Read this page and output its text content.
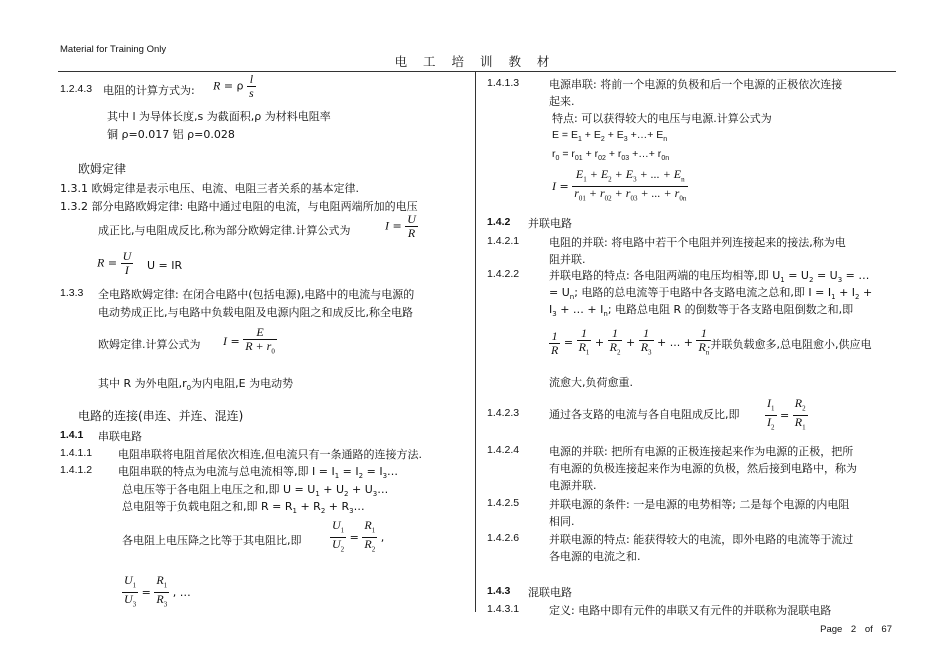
Material for Training Only
电 工 培 训 教 材
1.2.4.3 电阻的计算方式为: R = ρ $\frac{l}{s}$
其中 l 为导体长度,s 为截面积,ρ 为材料电阻率
铜 ρ=0.017 铝 ρ=0.028
欧姆定律
1.3.1 欧姆定律是表示电压、电流、电阻三者关系的基本定律.
1.3.2 部分电路欧姆定律: 电路中通过电阻的电流，与电阻两端所加的电压
成正比,与电阻成反比,称为部分欧姆定律.计算公式为	$I = \frac{U}{R}$
$R = \frac{U}{I}$ U = IR
1.3.3 全电路欧姆定律: 在闭合电路中(包括电源),电路中的电流与电源的
电动势成正比,与电路中负载电阻及电源内阻之和成反比,称全电路
欧姆定律.计算公式为 $I = \frac{E}{R + r_0}$
其中 R 为外电阻$,r_0$为内电阻,E 为电动势
电路的连接(串连、并连、混连)
1.4.1 串联电路
1.4.1.1 电阻串联将电阻首尾依次相连,但电流只有一条通路的连接方法.
1.4.1.2 电阻串联的特点为电流与总电流相等,即 $I = I_1 = I_2$ = $I_3\dots$
总电压等于各电阻上电压之和,即 $U = U_1 + U_2$ + $U_3\dots$
总电阻等于负载电阻之和,即 $R = R_1 + R_2$ + $R_3\dots$
各电阻上电压降之比等于其电阻比,即 $\frac{U_1}{U_2} = \frac{R_1}{R_2}$ ,
$\frac{U_1}{U_3} = \frac{R_1}{R_3}$ , …
1.4.1.3	电源串联: 将前一个电源的负极和后一个电源的正极依次连接
起来.
特点: 可以获得较大的电压与电源.计算公式为
$E = E_1 + E_2 + E_3$ +…+ $E_n$
$r_0 = r_{01} + r_{02} + r_{03}$ +…+ $r_{0n}$
$I = \frac{E_1 + E_2 + E_3 + ... + E_n}{r_{01} + r_{02} + r_{03} + ... + r_{0n}}$
1.4.2 并联电路
1.4.2.1	电阻的并联: 将电路中若干个电阻并列连接起来的接法,称为电
阻并联.
1.4.2.2	并联电路的特点: 各电阻两端的电压均相等,即 $U_1 = U_2 = U_3$ = …
= $U_n$; 电路的总电流等于电路中各支路电流之总和,即 $I = I_1 + I_2$ +
$I_3$ + … + $I_n$; 电路总电阻 R 的倒数等于各支路电阻倒数之和,即
$\frac{1}{R} = \frac{1}{R_1} + \frac{1}{R_2} + \frac{1}{R_3}$ + ... + $\frac{1}{R_n}$
.并联负载愈多,总电阻愈小,供应电
流愈大,负荷愈重.
1.4.2.3	通过各支路的电流与各自电阻成反比,即 $\frac{I_1}{I_2} = \frac{R_2}{R_1}$
1.4.2.4	电源的并联: 把所有电源的正极连接起来作为电源的正极，把所
有电源的负极连接起来作为电源的负极，然后接到电路中，称为
电源并联.
1.4.2.5	并联电源的条件: 一是电源的电势相等; 二是每个电源的内电阻
相同.
1.4.2.6	并联电源的特点: 能获得较大的电流，即外电路的电流等于流过
各电源的电流之和.
1.4.3 混联电路
1.4.3.1	定义: 电路中即有元件的串联又有元件的并联称为混联电路
Page 2 of 67
